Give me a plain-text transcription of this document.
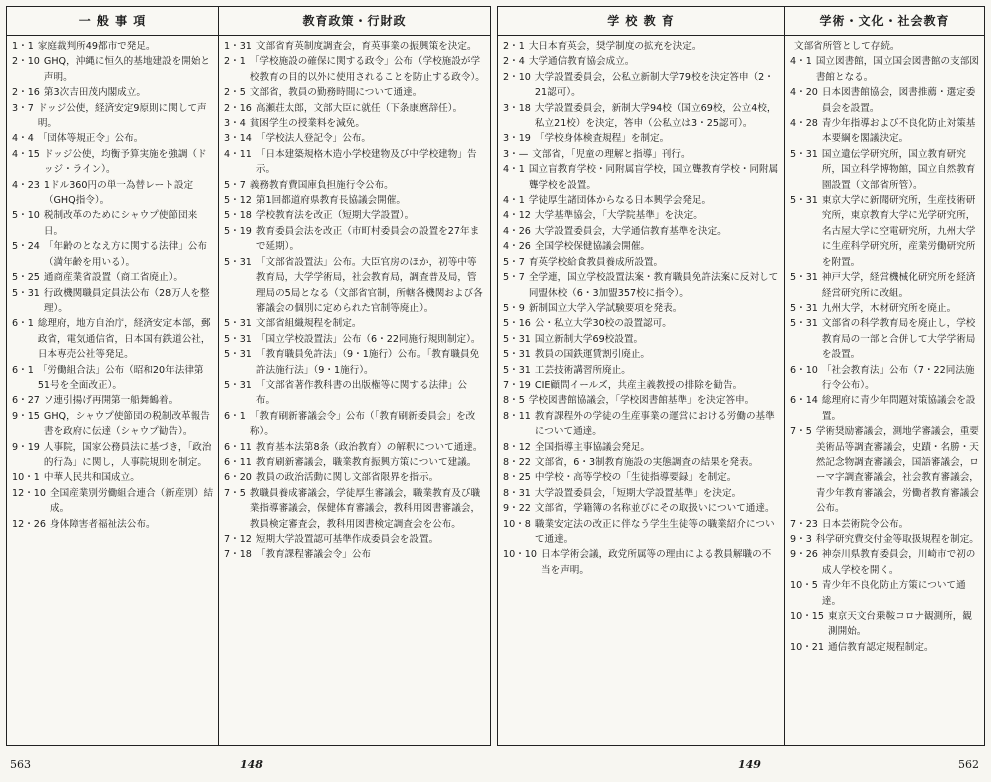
一 般 事 項
1・1 家庭裁判所49都市で発足。
2・10 GHQ，沖縄に恒久的基地建設を開始と声明。
2・16 第3次吉田茂内閣成立。
3・7 ドッジ公使，経済安定9原則に関して声明。
4・4 「団体等規正令」公布。
4・15 ドッジ公使，均衡予算実施を強調（ドッジ・ライン）。
4・23 1ドル360円の単一為替レート設定（GHQ指令）。
5・10 税制改革のためにシャウプ使節団来日。
5・24 「年齢のとなえ方に関する法律」公布（満年齢を用いる）。
5・25 通商産業省設置（商工省廃止）。
5・31 行政機関職員定員法公布（28万人を整理）。
6・1 総理府，地方自治庁，経済安定本部，郵政省，電気通信省，日本国有鉄道公社，日本専売公社等発足。
6・1 「労働組合法」公布（昭和20年法律第51号を全面改正）。
6・27 ソ連引揚げ再開第一船舞鶴着。
9・15 GHQ，シャウプ使節団の税制改革報告書を政府に伝達（シャウプ勧告）。
9・19 人事院，国家公務員法に基づき，「政治的行為」に関し，人事院規則を制定。
10・1 中華人民共和国成立。
12・10 全国産業別労働組合連合（新産別）結成。
12・26 身体障害者福祉法公布。
教育政策・行財政
1・31 文部省育英制度調査会，育英事業の振興策を決定。
2・1 「学校施設の確保に関する政令」公布（学校施設が学校教育の目的以外に使用されることを防止する政令）。
2・5 文部省，教員の勤務時間について通達。
2・16 高瀬荘太郎，文部大臣に就任（下条康麿辞任）。
3・4 貧困学生の授業料を減免。
3・14 「学校法人登記令」公布。
4・11 「日本建築規格木造小学校建物及び中学校建物」告示。
5・7 義務教育費国庫負担施行令公布。
5・12 第1回都道府県教育長協議会開催。
5・18 学校教育法を改正（短期大学設置）。
5・19 教育委員会法を改正（市町村委員会の設置を27年まで延期）。
5・31 「文部省設置法」公布。大臣官房のほか，初等中等教育局，大学学術局，社会教育局，調査普及局，管理局の5局となる（文部省官制，所轄各機関および各審議会の個別に定められた官制等廃止）。
5・31 文部省組織規程を制定。
5・31 「国立学校設置法」公布（6・22同施行規則制定）。
5・31 「教育職員免許法」（9・1施行）公布。「教育職員免許法施行法」（9・1施行）。
5・31 「文部省著作教科書の出版権等に関する法律」公布。
6・1 「教育刷新審議会令」公布（「教育刷新委員会」を改称）。
6・11 教育基本法第8条（政治教育）の解釈について通達。
6・11 教育刷新審議会，職業教育振興方策について建議。
6・20 教員の政治活動に関し文部省限界を指示。
7・5 教職員養成審議会，学徒厚生審議会，職業教育及び職業指導審議会，保健体育審議会，教科用図書審議会，教員検定審査会，教科用図書検定調査会を公布。
7・12 短期大学設置認可基準作成委員会を設置。
7・18 「教育課程審議会令」公布
学 校 教 育
2・1 大日本育英会，奨学制度の拡充を決定。
2・4 大学通信教育協会成立。
2・10 大学設置委員会，公私立新制大学79校を決定答申（2・21認可）。
3・18 大学設置委員会，新制大学94校（国立69校，公立4校，私立21校）を決定，答申（公私立は3・25認可）。
3・19 「学校身体検査規程」を制定。
3・— 文部省，「児童の理解と指導」刊行。
4・1 国立盲教育学校・同附属盲学校，国立聾教育学校・同附属聾学校を設置。
4・1 学徒厚生諸団体からなる日本興学会発足。
4・12 大学基準協会，「大学院基準」を決定。
4・26 大学設置委員会，大学通信教育基準を決定。
4・26 全国学校保健協議会開催。
5・7 育英学校給食教員養成所設置。
5・7 全学連，国立学校設置法案・教育職員免許法案に反対して同盟休校（6・3加盟357校に指令）。
5・9 新制国立大学入学試験要項を発表。
5・16 公・私立大学30校の設置認可。
5・31 国立新制大学69校設置。
5・31 教員の国鉄運賃割引廃止。
5・31 工芸技術講習所廃止。
7・19 CIE顧問イールズ，共産主義教授の排除を勧告。
8・5 学校図書館協議会，「学校図書館基準」を決定答申。
8・11 教育課程外の学徒の生産事業の運営における労働の基準について通達。
8・12 全国指導主事協議会発足。
8・22 文部省，6・3制教育施設の実態調査の結果を発表。
8・25 中学校・高等学校の「生徒指導要録」を制定。
8・31 大学設置委員会，「短期大学設置基準」を決定。
9・22 文部省，学籍簿の名称並びにその取扱いについて通達。
10・8 職業安定法の改正に伴なう学生生徒等の職業紹介について通達。
10・10 日本学術会議，政党所属等の理由による教員解職の不当を声明。
学術・文化・社会教育
文部省所管として存続。
4・1 国立図書館，国立国会図書館の支部図書館となる。
4・20 日本図書館協会，図書推薦・選定委員会を設置。
4・28 青少年指導および不良化防止対策基本要綱を閣議決定。
5・31 国立遺伝学研究所，国立教育研究所，国立科学博物館，国立自然教育園設置（文部省所管）。
5・31 東京大学に新聞研究所，生産技術研究所，東京教育大学に光学研究所，名古屋大学に空電研究所，九州大学に生産科学研究所，産業労働研究所を附置。
5・31 神戸大学，経営機械化研究所を経済経営研究所に改組。
5・31 九州大学，木材研究所を廃止。
5・31 文部省の科学教育局を廃止し，学校教育局の一部と合併して大学学術局を設置。
6・10 「社会教育法」公布（7・22同法施行令公布）。
6・14 総理府に青少年問題対策協議会を設置。
7・5 学術奨励審議会，測地学審議会，重要美術品等調査審議会，史蹟・名勝・天然記念物調査審議会，国語審議会，ローマ字調査審議会，社会教育審議会，青少年教育審議会，労働者教育審議会公布。
7・23 日本芸術院令公布。
9・3 科学研究費交付金等取扱規程を制定。
9・26 神奈川県教育委員会，川崎市で初の成人学校を開く。
10・5 青少年不良化防止方策について通達。
10・15 東京天文台乗鞍コロナ観測所，観測開始。
10・21 通信教育認定規程制定。
563	148	149	562
